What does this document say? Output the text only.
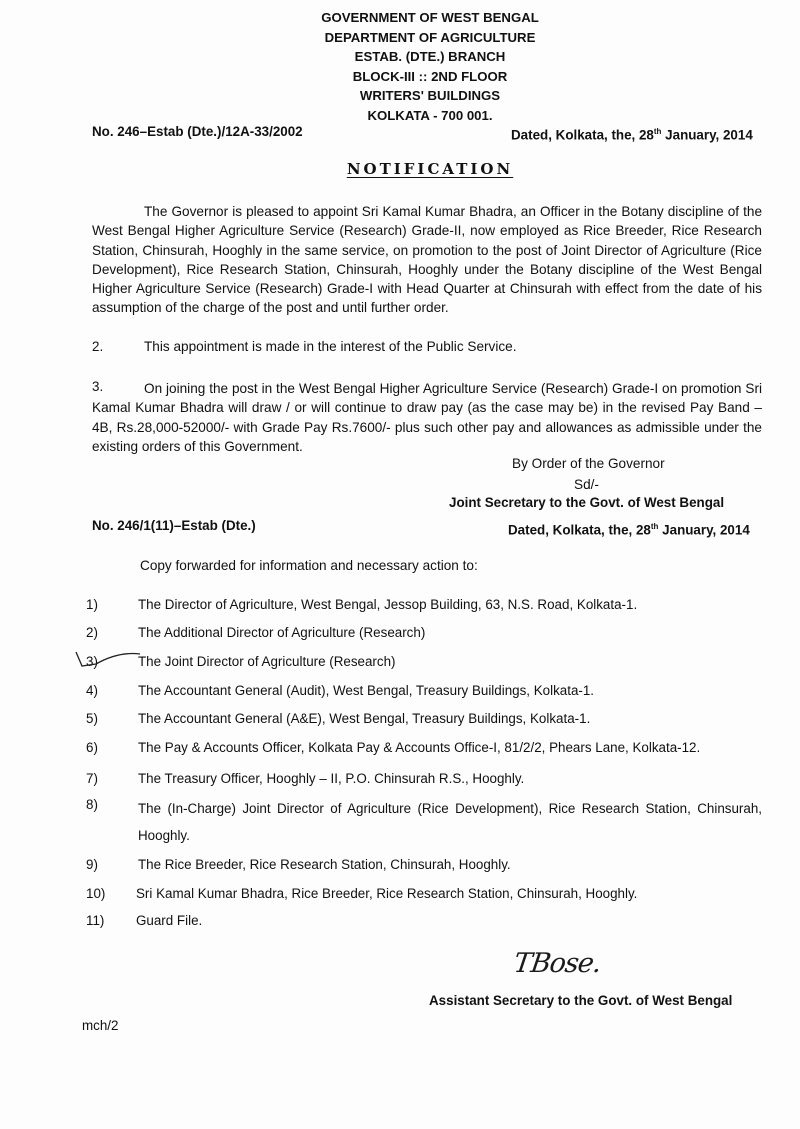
GOVERNMENT OF WEST BENGAL
DEPARTMENT OF AGRICULTURE
ESTAB. (DTE.) BRANCH
BLOCK-III :: 2ND FLOOR
WRITERS' BUILDINGS
KOLKATA - 700 001.
No. 246–Estab (Dte.)/12A-33/2002	Dated, Kolkata, the, 28th January, 2014
NOTIFICATION
The Governor is pleased to appoint Sri Kamal Kumar Bhadra, an Officer in the Botany discipline of the West Bengal Higher Agriculture Service (Research) Grade-II, now employed as Rice Breeder, Rice Research Station, Chinsurah, Hooghly in the same service, on promotion to the post of Joint Director of Agriculture (Rice Development), Rice Research Station, Chinsurah, Hooghly under the Botany discipline of the West Bengal Higher Agriculture Service (Research) Grade-I with Head Quarter at Chinsurah with effect from the date of his assumption of the charge of the post and until further order.
2.	This appointment is made in the interest of the Public Service.
3.	On joining the post in the West Bengal Higher Agriculture Service (Research) Grade-I on promotion Sri Kamal Kumar Bhadra will draw / or will continue to draw pay (as the case may be) in the revised Pay Band – 4B, Rs.28,000-52000/- with Grade Pay Rs.7600/- plus such other pay and allowances as admissible under the existing orders of this Government.
By Order of the Governor
Sd/-
Joint Secretary to the Govt. of West Bengal
No. 246/1(11)–Estab (Dte.)	Dated, Kolkata, the, 28th January, 2014
Copy forwarded for information and necessary action to:
1)	The Director of Agriculture, West Bengal, Jessop Building, 63, N.S. Road, Kolkata-1.
2)	The Additional Director of Agriculture (Research)
3)	The Joint Director of Agriculture (Research)
4)	The Accountant General (Audit), West Bengal, Treasury Buildings, Kolkata-1.
5)	The Accountant General (A&E), West Bengal, Treasury Buildings, Kolkata-1.
6)	The Pay & Accounts Officer, Kolkata Pay & Accounts Office-I, 81/2/2, Phears Lane, Kolkata-12.
7)	The Treasury Officer, Hooghly – II, P.O. Chinsurah R.S., Hooghly.
8)	The (In-Charge) Joint Director of Agriculture (Rice Development), Rice Research Station, Chinsurah, Hooghly.
9)	The Rice Breeder, Rice Research Station, Chinsurah, Hooghly.
10) Sri Kamal Kumar Bhadra, Rice Breeder, Rice Research Station, Chinsurah, Hooghly.
11) Guard File.
TBose.
Assistant Secretary to the Govt. of West Bengal
mch/2
